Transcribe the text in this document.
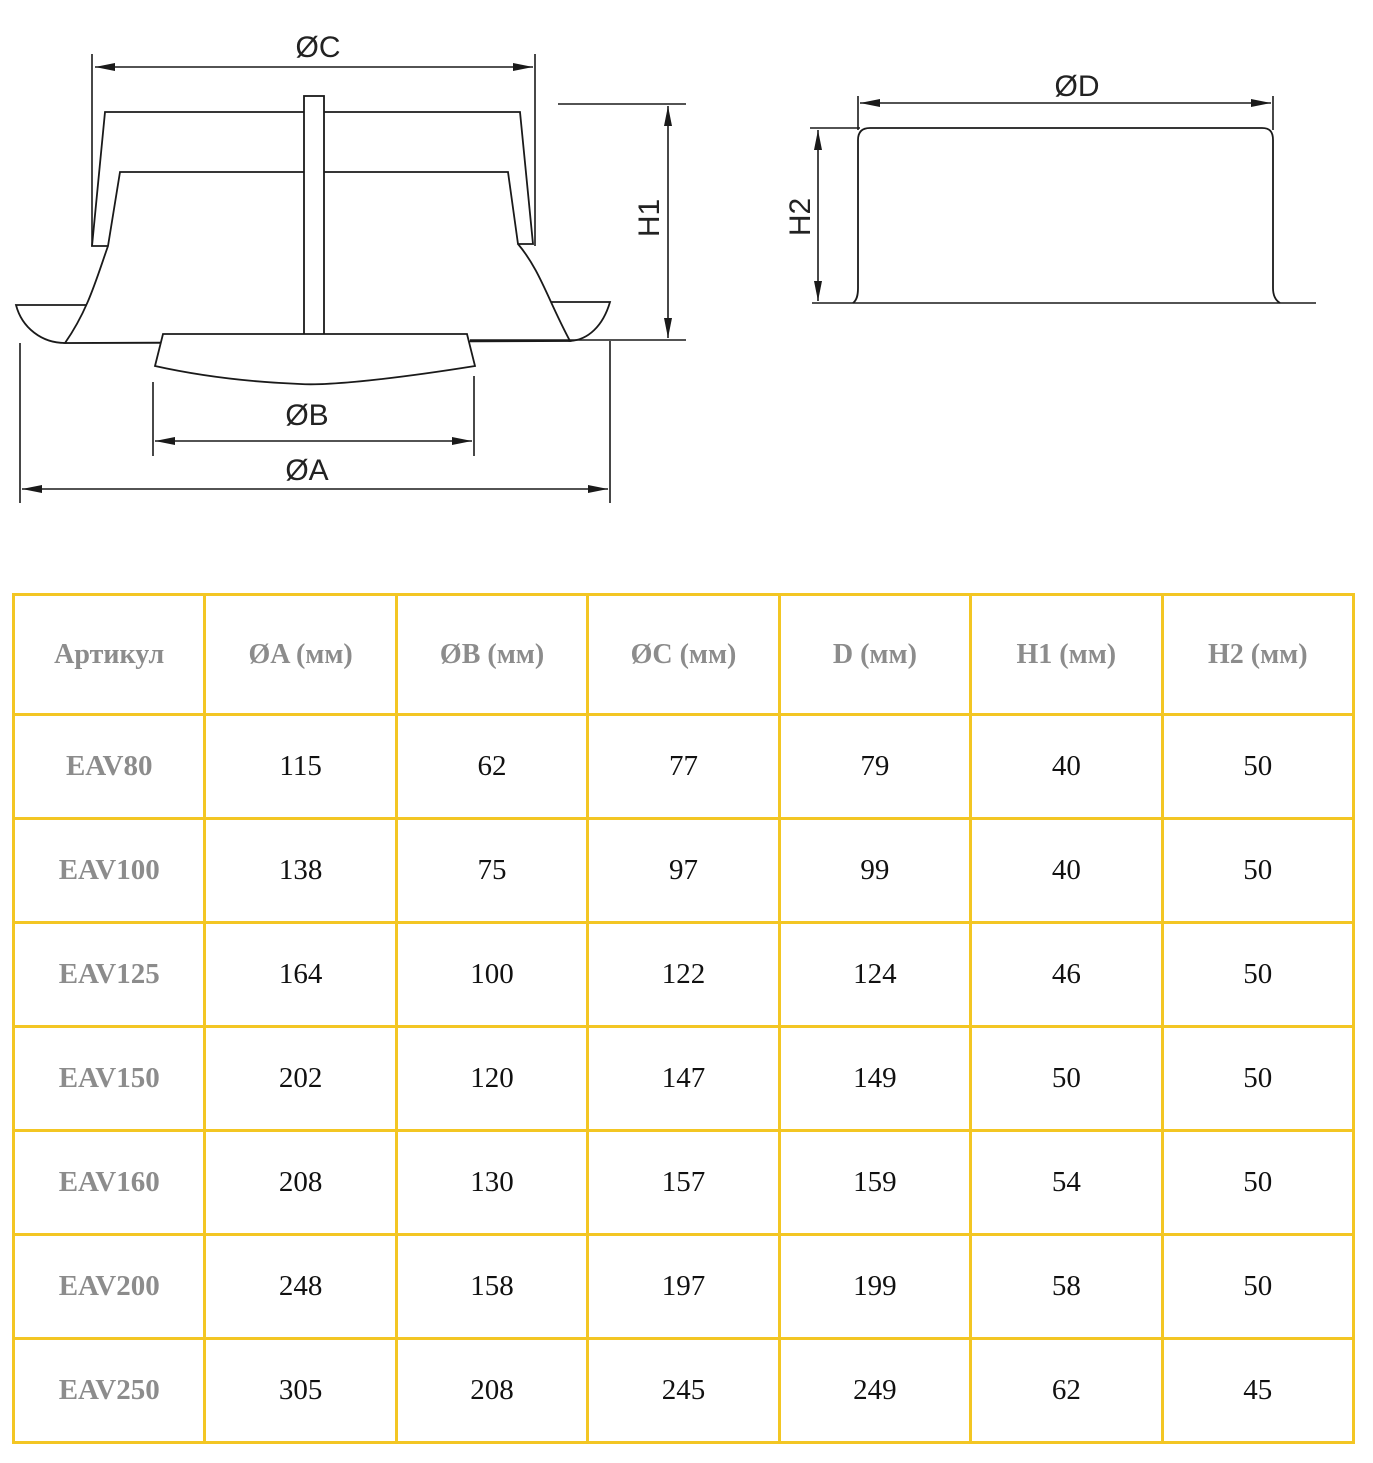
ØC
ØB
ØA
H1
ØD
H2
Артикул	ØA (мм)	ØB (мм)	ØC (мм)	D (мм)	H1 (мм)	H2 (мм)
EAV80	115	62	77	79	40	50
EAV100	138	75	97	99	40	50
EAV125	164	100	122	124	46	50
EAV150	202	120	147	149	50	50
EAV160	208	130	157	159	54	50
EAV200	248	158	197	199	58	50
EAV250	305	208	245	249	62	45
